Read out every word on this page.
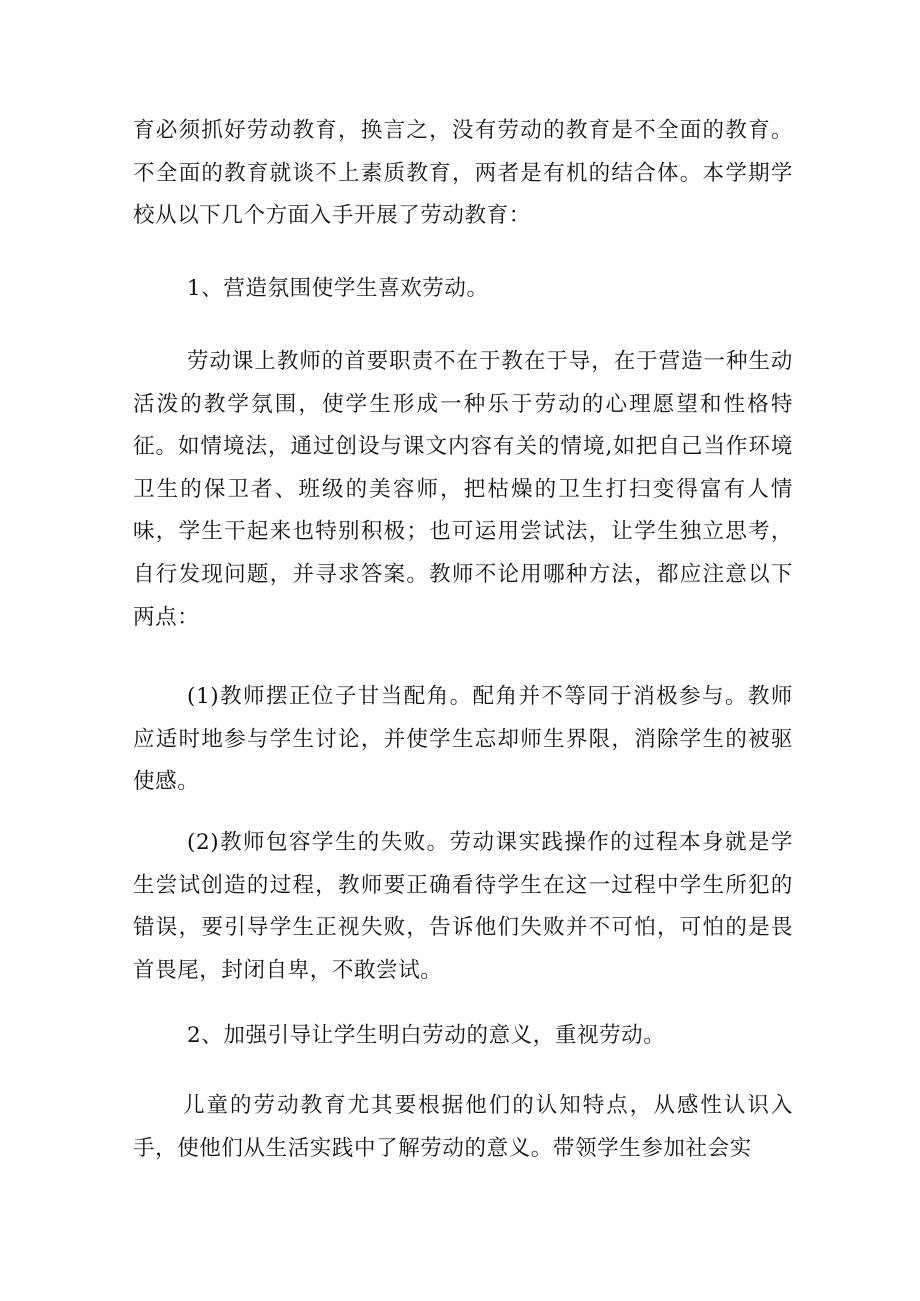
育必须抓好劳动教育，换言之，没有劳动的教育是不全面的教育。不全面的教育就谈不上素质教育，两者是有机的结合体。本学期学校从以下几个方面入手开展了劳动教育：

1、营造氛围使学生喜欢劳动。

劳动课上教师的首要职责不在于教在于导，在于营造一种生动活泼的教学氛围，使学生形成一种乐于劳动的心理愿望和性格特征。如情境法，通过创设与课文内容有关的情境,如把自己当作环境卫生的保卫者、班级的美容师，把枯燥的卫生打扫变得富有人情味，学生干起来也特别积极；也可运用尝试法，让学生独立思考，自行发现问题，并寻求答案。教师不论用哪种方法，都应注意以下两点：

(1)教师摆正位子甘当配角。配角并不等同于消极参与。教师应适时地参与学生讨论，并使学生忘却师生界限，消除学生的被驱使感。

(2)教师包容学生的失败。劳动课实践操作的过程本身就是学生尝试创造的过程，教师要正确看待学生在这一过程中学生所犯的错误，要引导学生正视失败，告诉他们失败并不可怕，可怕的是畏首畏尾，封闭自卑，不敢尝试。

2、加强引导让学生明白劳动的意义，重视劳动。

儿童的劳动教育尤其要根据他们的认知特点，从感性认识入手，使他们从生活实践中了解劳动的意义。带领学生参加社会实
